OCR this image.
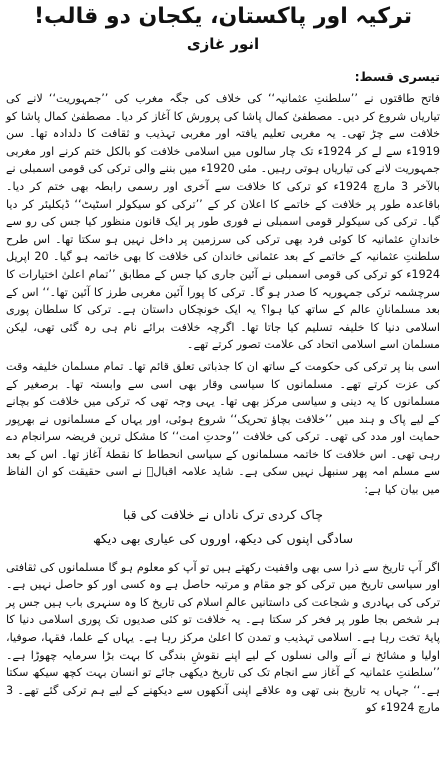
ترکیہ اور پاکستان، یکجان دو قالب!
انور غازی
تیسری قسط:

فاتح طاقتوں نے ’’سلطنتِ عثمانیہ‘‘ کی خلاف کی جگہ مغرب کی ’’جمہوریت‘‘ لانے کی تیاریاں شروع کر دیں۔ مصطفیٰ کمال پاشا کی پرورش کا آغاز کر دیا۔ مصطفیٰ کمال پاشا کو خلافت سے چڑ تھی۔ یہ مغربی تعلیم یافتہ اور مغربی تہذیب و ثقافت کا دلدادہ تھا۔ سن 1919ء سے لے کر 1924ء تک چار سالوں میں اسلامی خلافت کو بالکل ختم کرنے اور مغربی جمہوریت لانے کی تیاریاں ہوتی رہیں۔ مئی 1920ء میں بننے والی ترکی کی قومی اسمبلی نے بالآخر 3 مارچ 1924ء کو ترکی کا خلافت سے آخری اور رسمی رابطہ بھی ختم کر دیا۔ باقاعدہ طور پر خلافت کے خاتمے کا اعلان کر کے ’’ترکی کو سیکولر اسٹیٹ‘‘ ڈیکلیئر کر دیا گیا۔ ترکی کی سیکولر قومی اسمبلی نے فوری طور پر ایک قانون منظور کیا جس کی رو سے خاندانِ عثمانیہ کا کوئی فرد بھی ترکی کی سرزمین پر داخل نہیں ہو سکتا تھا۔ اس طرح سلطنتِ عثمانیہ کے خاتمے کے بعد عثمانی خاندان کی خلافت کا بھی خاتمہ ہو گیا۔ 20 اپریل 1924ء کو ترکی کی قومی اسمبلی نے آئین جاری کیا جس کے مطابق ’’تمام اعلیٰ اختیارات کا سرچشمہ ترکی جمہوریہ کا صدر ہو گا۔ ترکی کا پورا آئین مغربی طرز کا آئین تھا۔‘‘ اس کے بعد مسلمانانِ عالم کے ساتھ کیا ہوا؟ یہ ایک خونچکاں داستان ہے۔ ترکی کا سلطان پوری اسلامی دنیا کا خلیفہ تسلیم کیا جاتا تھا۔ اگرچہ خلافت برائے نام ہی رہ گئی تھی، لیکن مسلمان اسے اسلامی اتحاد کی علامت تصور کرتے تھے۔

اسی بنا پر ترکی کی حکومت کے ساتھ ان کا جذباتی تعلق قائم تھا۔ تمام مسلمان خلیفہ وقت کی عزت کرتے تھے۔ مسلمانوں کا سیاسی وقار بھی اسی سے وابستہ تھا۔ برصغیر کے مسلمانوں کا یہ دینی و سیاسی مرکز بھی تھا۔ یہی وجہ تھی کہ ترکی میں خلافت کو بچانے کے لیے پاک و ہند میں ’’خلافت بچاؤ تحریک‘‘ شروع ہوئی، اور یہاں کے مسلمانوں نے بھرپور حمایت اور مدد کی تھی۔ ترکی کی خلافت ’’وحدتِ امت‘‘ کا مشکل ترین فریضہ سرانجام دے رہی تھی۔ اس خلافت کا خاتمہ مسلمانوں کے سیاسی انحطاط کا نقطۂ آغاز تھا۔ اس کے بعد سے مسلم امہ پھر سنبھل نہیں سکی ہے۔ شاید علامہ اقبالؒ نے اسی حقیقت کو ان الفاظ میں بیان کیا ہے:

چاک کردی ترک ناداں نے خلافت کی قبا
سادگی اپنوں کی دیکھ، اوروں کی عیاری بھی دیکھ

اگر آپ تاریخ سے ذرا سی بھی واقفیت رکھتے ہیں تو آپ کو معلوم ہو گا مسلمانوں کی ثقافتی اور سیاسی تاریخ میں ترکی کو جو مقام و مرتبہ حاصل ہے وہ کسی اور کو حاصل نہیں ہے۔ ترکی کی بہادری و شجاعت کی داستانیں عالمِ اسلام کی تاریخ کا وہ سنہری باب ہیں جس پر ہر شخص بجا طور پر فخر کر سکتا ہے۔ یہ خلافت تو کئی صدیوں تک پوری اسلامی دنیا کا پایۂ تخت رہا ہے۔ اسلامی تہذیب و تمدن کا اعلیٰ مرکز رہا ہے۔ یہاں کے علما، فقہا، صوفیا، اولیا و مشائخ نے آنے والی نسلوں کے لیے اپنے نقوشِ بندگی کا بہت بڑا سرمایہ چھوڑا ہے۔ ’’سلطنتِ عثمانیہ کے آغاز سے انجام تک کی تاریخ دیکھی جائے تو انسان بہت کچھ سیکھ سکتا ہے۔‘‘ جہاں یہ تاریخ بنی تھی وہ علاقے اپنی آنکھوں سے دیکھنے کے لیے ہم ترکی گئے تھے۔ 3 مارچ 1924ء کو
